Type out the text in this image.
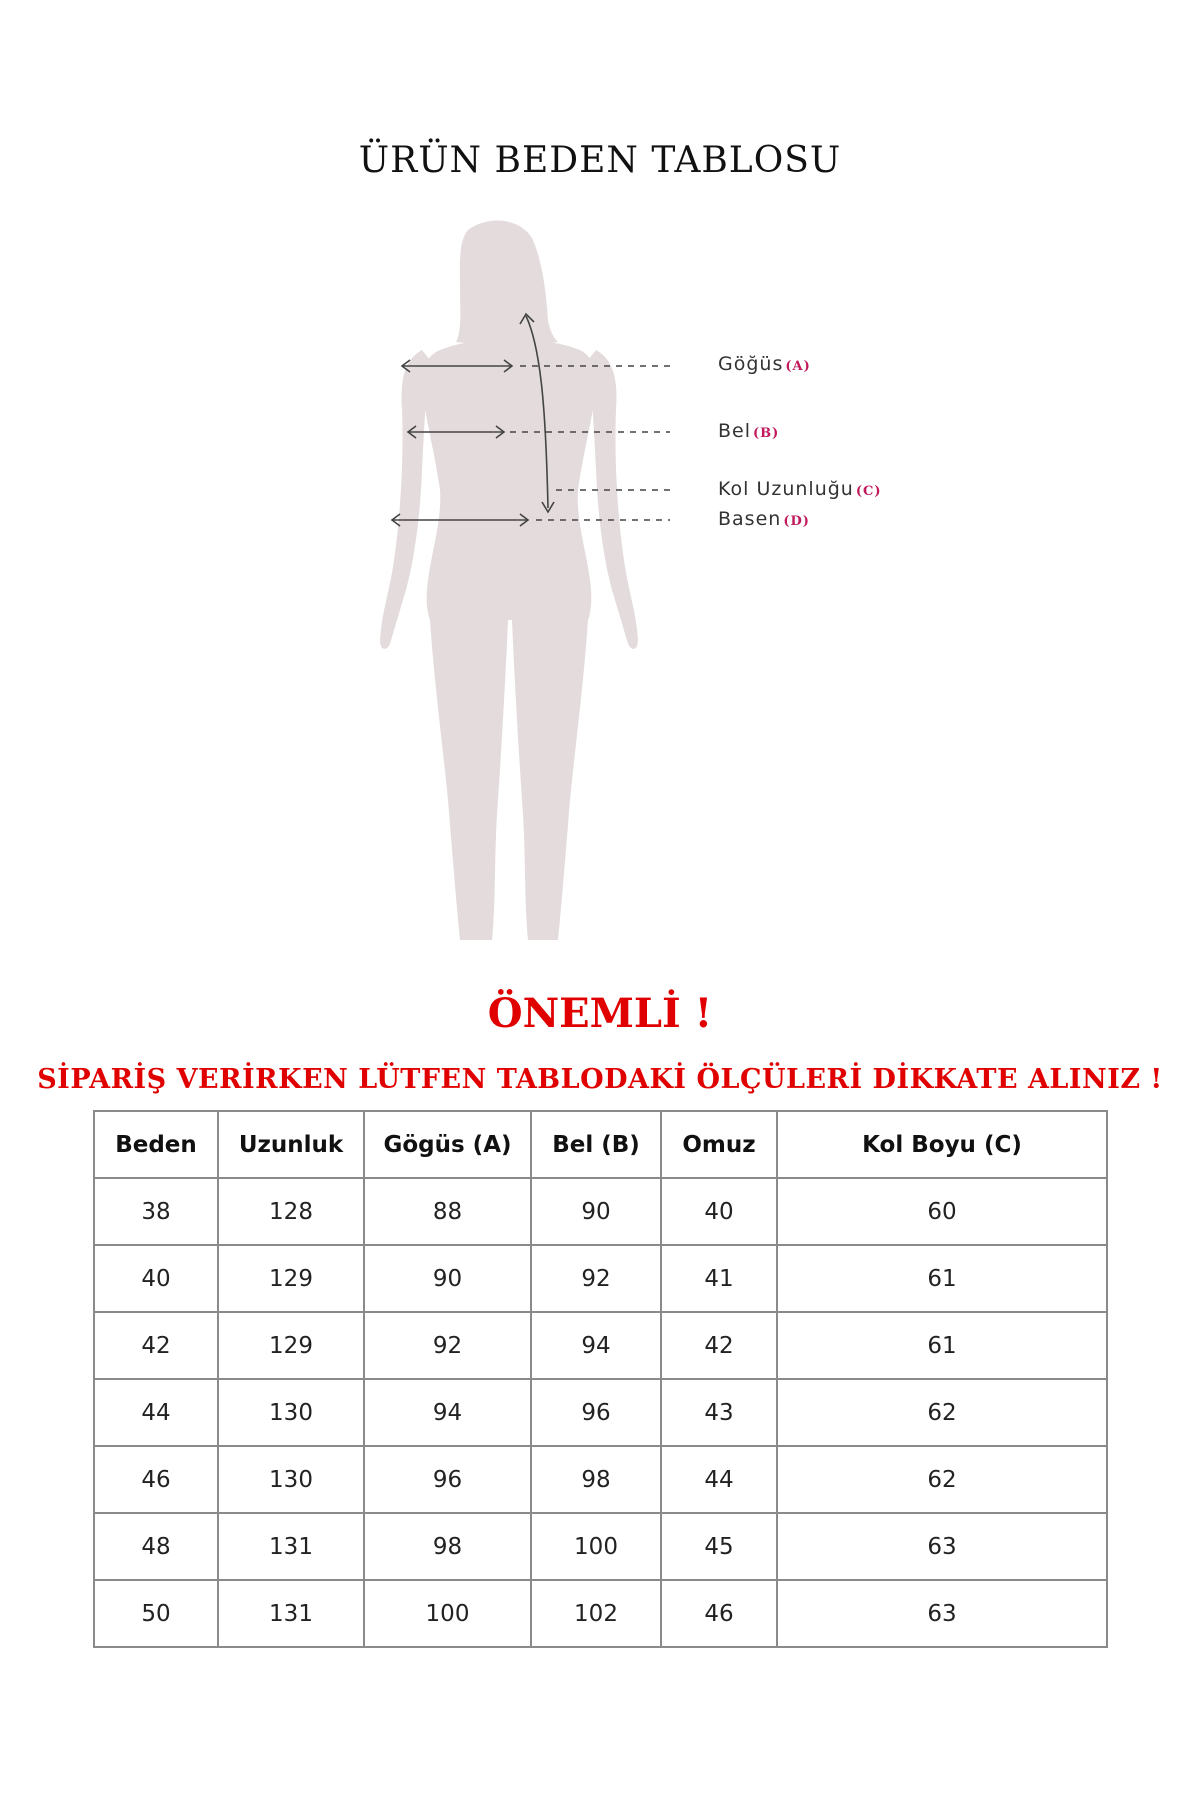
ÜRÜN BEDEN TABLOSU
Göğüs (A)
Bel (B)
Kol Uzunluğu (C)
Basen (D)
ÖNEMLİ !
SİPARİŞ VERİRKEN LÜTFEN TABLODAKİ ÖLÇÜLERİ DİKKATE ALINIZ !
Beden	Uzunluk	Gögüs (A)	Bel (B)	Omuz	Kol Boyu (C)
38	128	88	90	40	60
40	129	90	92	41	61
42	129	92	94	42	61
44	130	94	96	43	62
46	130	96	98	44	62
48	131	98	100	45	63
50	131	100	102	46	63
